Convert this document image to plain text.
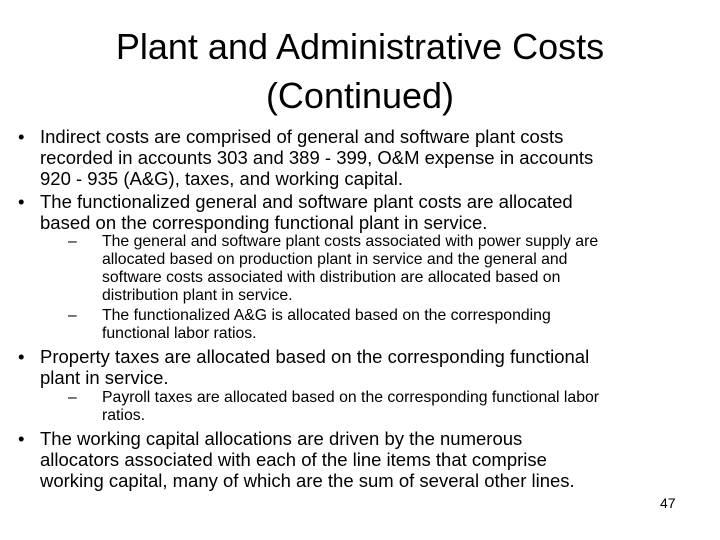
Plant and Administrative Costs
(Continued)
• Indirect costs are comprised of general and software plant costs
recorded in accounts 303 and 389 - 399, O&M expense in accounts
920 - 935 (A&G), taxes, and working capital.
• The functionalized general and software plant costs are allocated
based on the corresponding functional plant in service.
– The general and software plant costs associated with power supply are
allocated based on production plant in service and the general and
software costs associated with distribution are allocated based on
distribution plant in service.
– The functionalized A&G is allocated based on the corresponding
functional labor ratios.
• Property taxes are allocated based on the corresponding functional
plant in service.
– Payroll taxes are allocated based on the corresponding functional labor
ratios.
• The working capital allocations are driven by the numerous
allocators associated with each of the line items that comprise
working capital, many of which are the sum of several other lines.
47
